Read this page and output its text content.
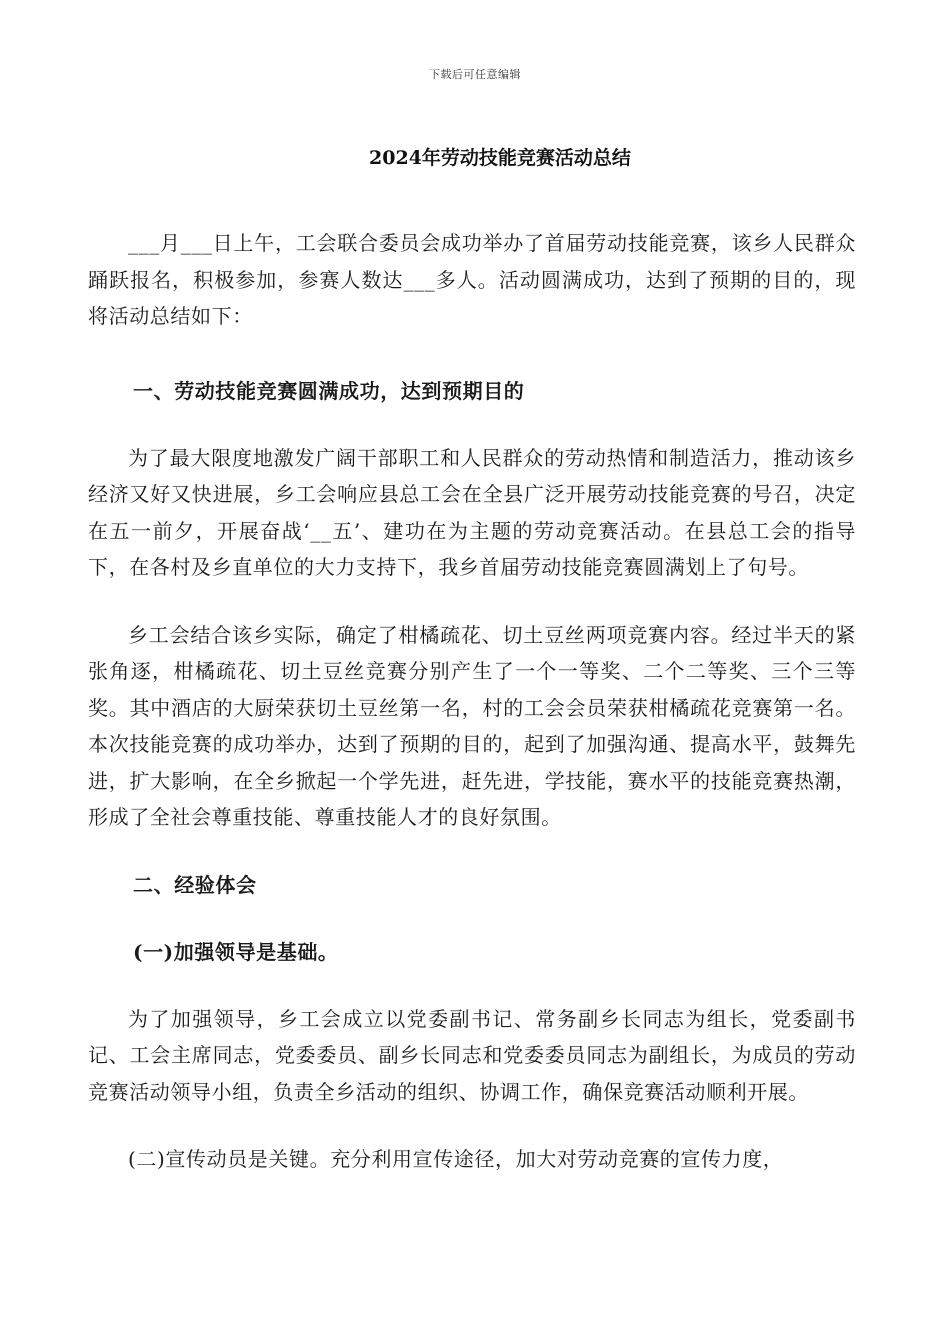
下载后可任意编辑
2024年劳动技能竞赛活动总结

___月___日上午，工会联合委员会成功举办了首届劳动技能竞赛，该乡人民群众踊跃报名，积极参加，参赛人数达___多人。活动圆满成功，达到了预期的目的，现将活动总结如下：

一、劳动技能竞赛圆满成功，达到预期目的

为了最大限度地激发广阔干部职工和人民群众的劳动热情和制造活力，推动该乡经济又好又快进展，乡工会响应县总工会在全县广泛开展劳动技能竞赛的号召，决定在五一前夕，开展奋战‘__五’、建功在为主题的劳动竞赛活动。在县总工会的指导下，在各村及乡直单位的大力支持下，我乡首届劳动技能竞赛圆满划上了句号。

乡工会结合该乡实际，确定了柑橘疏花、切土豆丝两项竞赛内容。经过半天的紧张角逐，柑橘疏花、切土豆丝竞赛分别产生了一个一等奖、二个二等奖、三个三等奖。其中酒店的大厨荣获切土豆丝第一名，村的工会会员荣获柑橘疏花竞赛第一名。本次技能竞赛的成功举办，达到了预期的目的，起到了加强沟通、提高水平，鼓舞先进，扩大影响，在全乡掀起一个学先进，赶先进，学技能，赛水平的技能竞赛热潮，形成了全社会尊重技能、尊重技能人才的良好氛围。

二、经验体会

(一)加强领导是基础。

为了加强领导，乡工会成立以党委副书记、常务副乡长同志为组长，党委副书记、工会主席同志，党委委员、副乡长同志和党委委员同志为副组长，为成员的劳动竞赛活动领导小组，负责全乡活动的组织、协调工作，确保竞赛活动顺利开展。

(二)宣传动员是关键。充分利用宣传途径，加大对劳动竞赛的宣传力度，
